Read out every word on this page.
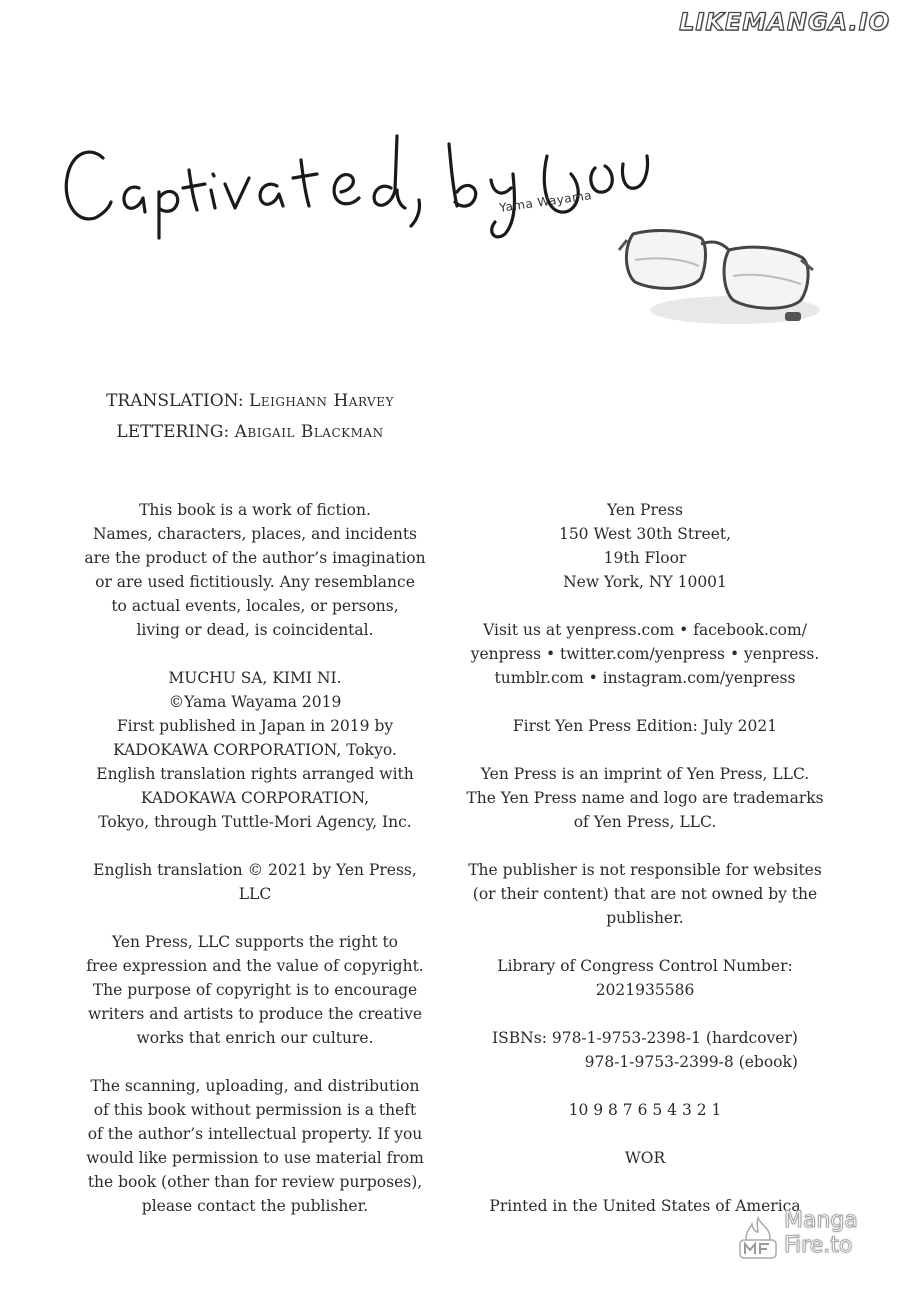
LIKEMANGA.IO
Yama Wayama
TRANSLATION: Leighann Harvey
LETTERING: Abigail Blackman
This book is a work of fiction.
Names, characters, places, and incidents
are the product of the author’s imagination
or are used fictitiously. Any resemblance
to actual events, locales, or persons,
living or dead, is coincidental.
MUCHU SA, KIMI NI.
©Yama Wayama 2019
First published in Japan in 2019 by
KADOKAWA CORPORATION, Tokyo.
English translation rights arranged with
KADOKAWA CORPORATION,
Tokyo, through Tuttle-Mori Agency, Inc.
English translation © 2021 by Yen Press,
LLC
Yen Press, LLC supports the right to
free expression and the value of copyright.
The purpose of copyright is to encourage
writers and artists to produce the creative
works that enrich our culture.
The scanning, uploading, and distribution
of this book without permission is a theft
of the author’s intellectual property. If you
would like permission to use material from
the book (other than for review purposes),
please contact the publisher.
Yen Press
150 West 30th Street,
19th Floor
New York, NY 10001
Visit us at yenpress.com • facebook.com/
yenpress • twitter.com/yenpress • yenpress.
tumblr.com • instagram.com/yenpress
First Yen Press Edition: July 2021
Yen Press is an imprint of Yen Press, LLC.
The Yen Press name and logo are trademarks
of Yen Press, LLC.
The publisher is not responsible for websites
(or their content) that are not owned by the
publisher.
Library of Congress Control Number:
2021935586
ISBNs: 978-1-9753-2398-1 (hardcover)
978-1-9753-2399-8 (ebook)
10 9 8 7 6 5 4 3 2 1
WOR
Printed in the United States of America
Manga
Fire.to
